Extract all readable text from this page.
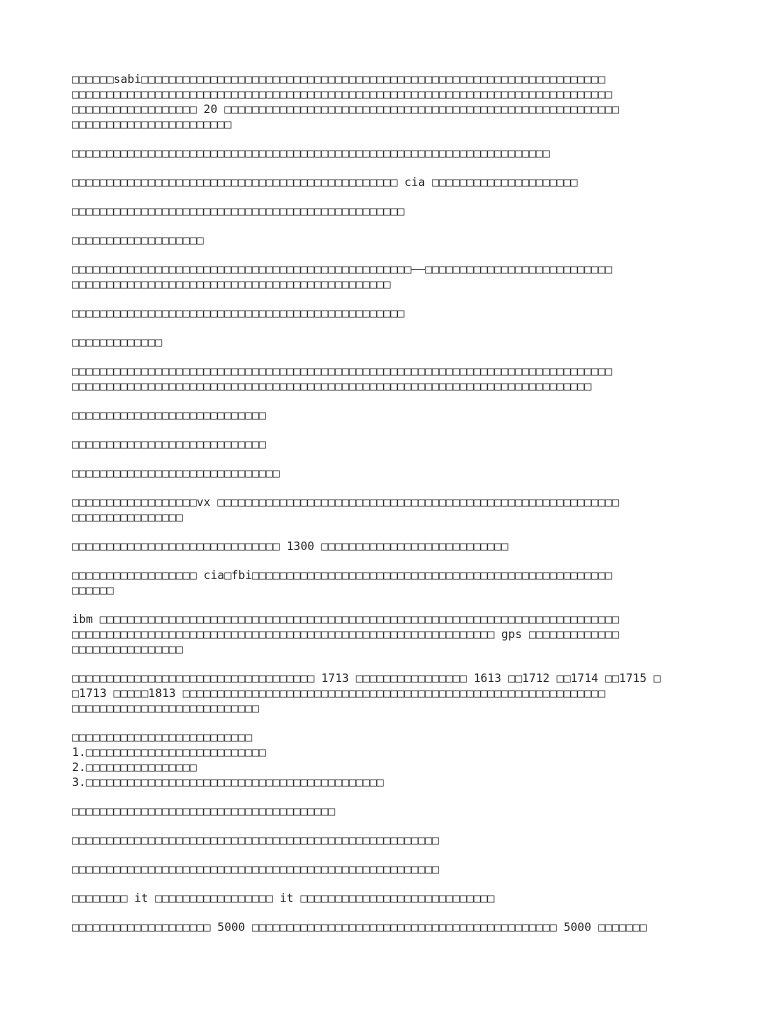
□□□□□□sabi□□□□□□□□□□□□□□□□□□□□□□□□□□□□□□□□□□□□□□□□□□□□□□□□□□□□□□□□□□□□□□□□□□□
□□□□□□□□□□□□□□□□□□□□□□□□□□□□□□□□□□□□□□□□□□□□□□□□□□□□□□□□□□□□□□□□□□□□□□□□□□□□□□
□□□□□□□□□□□□□□□□□□ 20 □□□□□□□□□□□□□□□□□□□□□□□□□□□□□□□□□□□□□□□□□□□□□□□□□□□□□□□□□
□□□□□□□□□□□□□□□□□□□□□□□
□□□□□□□□□□□□□□□□□□□□□□□□□□□□□□□□□□□□□□□□□□□□□□□□□□□□□□□□□□□□□□□□□□□□□
□□□□□□□□□□□□□□□□□□□□□□□□□□□□□□□□□□□□□□□□□□□□□□□ cia □□□□□□□□□□□□□□□□□□□□□
□□□□□□□□□□□□□□□□□□□□□□□□□□□□□□□□□□□□□□□□□□□□□□□□
□□□□□□□□□□□□□□□□□□□
□□□□□□□□□□□□□□□□□□□□□□□□□□□□□□□□□□□□□□□□□□□□□□□□□——□□□□□□□□□□□□□□□□□□□□□□□□□□□
□□□□□□□□□□□□□□□□□□□□□□□□□□□□□□□□□□□□□□□□□□□□□□
□□□□□□□□□□□□□□□□□□□□□□□□□□□□□□□□□□□□□□□□□□□□□□□□
□□□□□□□□□□□□□
□□□□□□□□□□□□□□□□□□□□□□□□□□□□□□□□□□□□□□□□□□□□□□□□□□□□□□□□□□□□□□□□□□□□□□□□□□□□□□
□□□□□□□□□□□□□□□□□□□□□□□□□□□□□□□□□□□□□□□□□□□□□□□□□□□□□□□□□□□□□□□□□□□□□□□□□□□
□□□□□□□□□□□□□□□□□□□□□□□□□□□□
□□□□□□□□□□□□□□□□□□□□□□□□□□□□
□□□□□□□□□□□□□□□□□□□□□□□□□□□□□□
□□□□□□□□□□□□□□□□□□vx □□□□□□□□□□□□□□□□□□□□□□□□□□□□□□□□□□□□□□□□□□□□□□□□□□□□□□□□□□
□□□□□□□□□□□□□□□□
□□□□□□□□□□□□□□□□□□□□□□□□□□□□□□ 1300 □□□□□□□□□□□□□□□□□□□□□□□□□□□
□□□□□□□□□□□□□□□□□□ cia□fbi□□□□□□□□□□□□□□□□□□□□□□□□□□□□□□□□□□□□□□□□□□□□□□□□□□□□
□□□□□□
ibm □□□□□□□□□□□□□□□□□□□□□□□□□□□□□□□□□□□□□□□□□□□□□□□□□□□□□□□□□□□□□□□□□□□□□□□□□□□
□□□□□□□□□□□□□□□□□□□□□□□□□□□□□□□□□□□□□□□□□□□□□□□□□□□□□□□□□□□□□ gps □□□□□□□□□□□□□
□□□□□□□□□□□□□□□□
□□□□□□□□□□□□□□□□□□□□□□□□□□□□□□□□□□□ 1713 □□□□□□□□□□□□□□□□ 1613 □□1712 □□1714 □□1715 □
□1713 □□□□□1813 □□□□□□□□□□□□□□□□□□□□□□□□□□□□□□□□□□□□□□□□□□□□□□□□□□□□□□□□□□□□□
□□□□□□□□□□□□□□□□□□□□□□□□□□□
□□□□□□□□□□□□□□□□□□□□□□□□□□
1.□□□□□□□□□□□□□□□□□□□□□□□□□□
2.□□□□□□□□□□□□□□□□
3.□□□□□□□□□□□□□□□□□□□□□□□□□□□□□□□□□□□□□□□□□□□
□□□□□□□□□□□□□□□□□□□□□□□□□□□□□□□□□□□□□□
□□□□□□□□□□□□□□□□□□□□□□□□□□□□□□□□□□□□□□□□□□□□□□□□□□□□□
□□□□□□□□□□□□□□□□□□□□□□□□□□□□□□□□□□□□□□□□□□□□□□□□□□□□□
□□□□□□□□ it □□□□□□□□□□□□□□□□□ it □□□□□□□□□□□□□□□□□□□□□□□□□□□□
□□□□□□□□□□□□□□□□□□□□ 5000 □□□□□□□□□□□□□□□□□□□□□□□□□□□□□□□□□□□□□□□□□□□□ 5000 □□□□□□□
